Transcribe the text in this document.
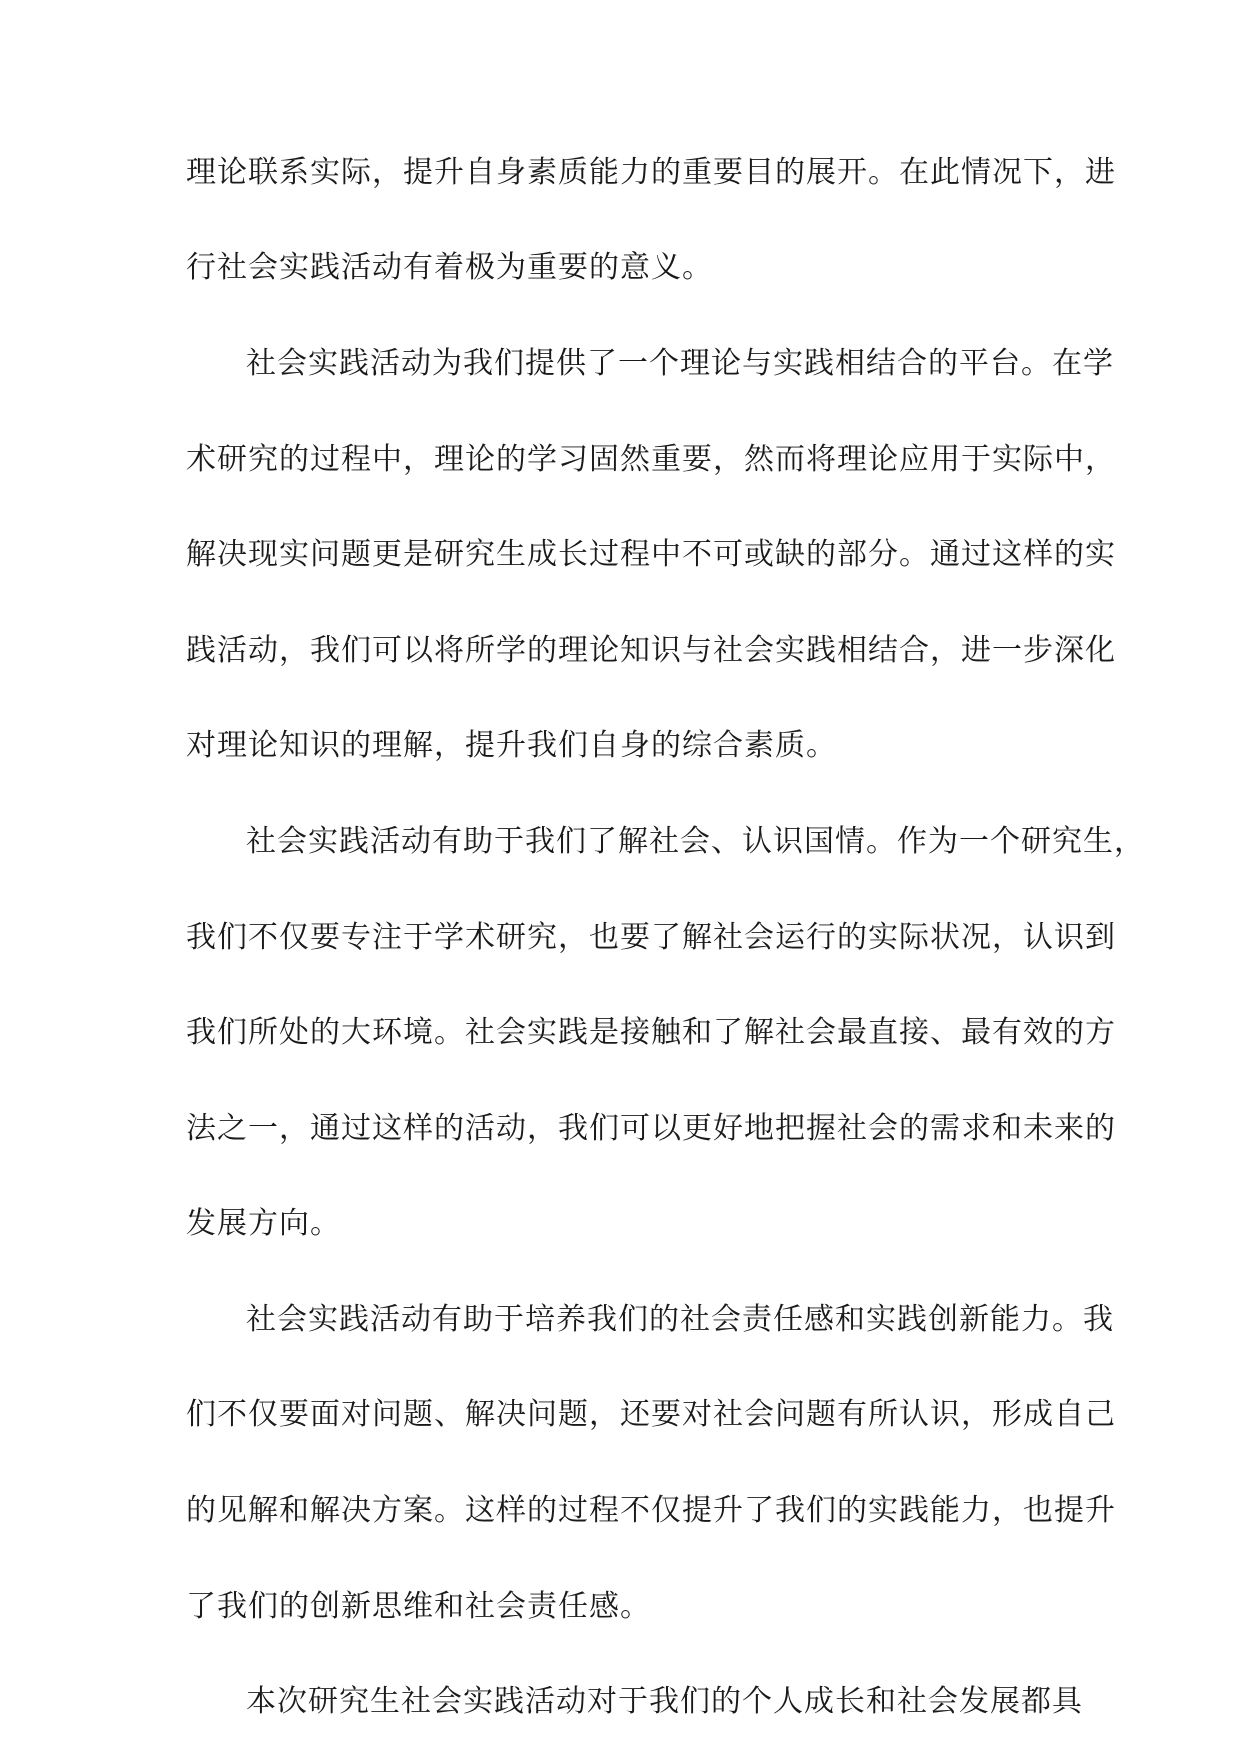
理论联系实际，提升自身素质能力的重要目的展开。在此情况下，进
行社会实践活动有着极为重要的意义。
社会实践活动为我们提供了一个理论与实践相结合的平台。在学
术研究的过程中，理论的学习固然重要，然而将理论应用于实际中，
解决现实问题更是研究生成长过程中不可或缺的部分。通过这样的实
践活动，我们可以将所学的理论知识与社会实践相结合，进一步深化
对理论知识的理解，提升我们自身的综合素质。
社会实践活动有助于我们了解社会、认识国情。作为一个研究生，
我们不仅要专注于学术研究，也要了解社会运行的实际状况，认识到
我们所处的大环境。社会实践是接触和了解社会最直接、最有效的方
法之一，通过这样的活动，我们可以更好地把握社会的需求和未来的
发展方向。
社会实践活动有助于培养我们的社会责任感和实践创新能力。我
们不仅要面对问题、解决问题，还要对社会问题有所认识，形成自己
的见解和解决方案。这样的过程不仅提升了我们的实践能力，也提升
了我们的创新思维和社会责任感。
本次研究生社会实践活动对于我们的个人成长和社会发展都具
